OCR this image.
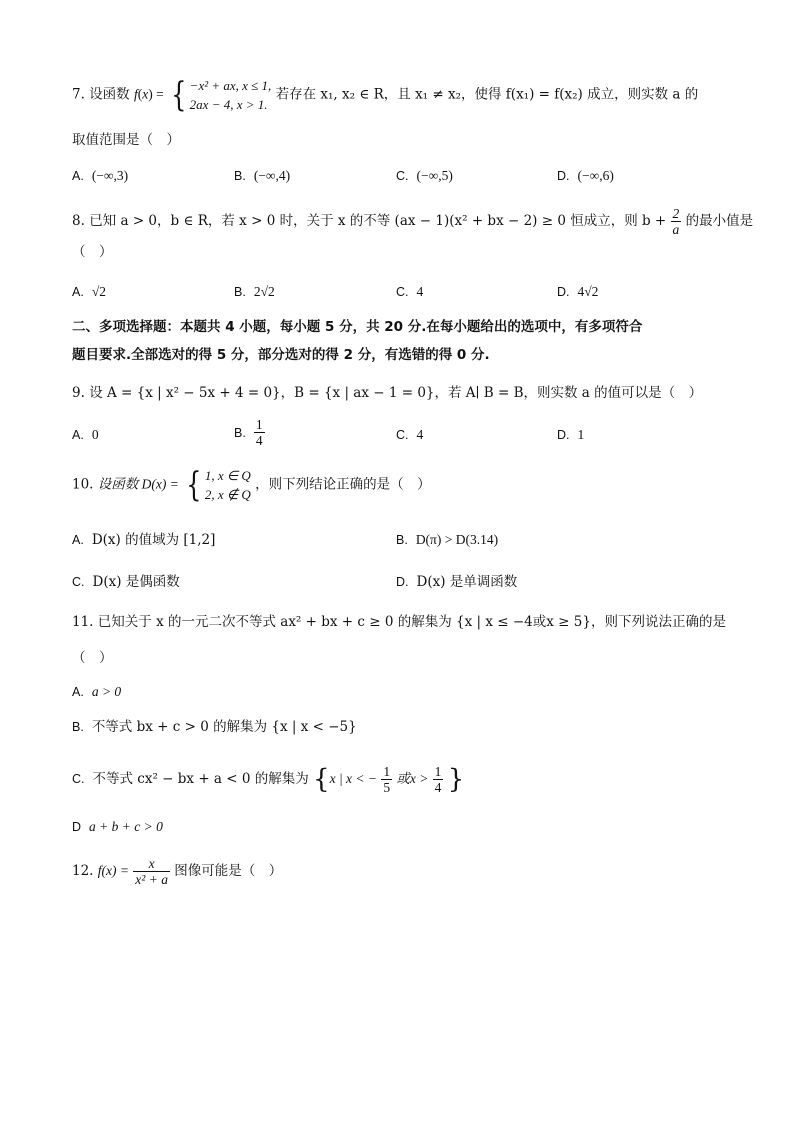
7. 设函数 f(x) = { −x² + ax, x ≤ 1,
2ax − 4, x > 1.
若存在 x₁, x₂ ∈ R，且 x₁ ≠ x₂，使得 f(x₁) = f(x₂) 成立，则实数 a 的
取值范围是（　）
A. (−∞,3)	B. (−∞,4)	C. (−∞,5)	D. (−∞,6)
8. 已知 a > 0，b ∈ R，若 x > 0 时，关于 x 的不等 (ax − 1)(x² + bx − 2) ≥ 0 恒成立，则 $b + \frac{2}{a}$ 的最小值是
（　）
A. √2	B. 2√2	C. 4	D. 4√2
二、多项选择题：本题共 4 小题，每小题 5 分，共 20 分.在每小题给出的选项中，有多项符合
题目要求.全部选对的得 5 分，部分选对的得 2 分，有选错的得 0 分.
9. 设 A = {x | x² − 5x + 4 = 0}，B = {x | ax − 1 = 0}，若 A∣ B = B，则实数 a 的值可以是（　）
A. 0	B. $\frac{1}{4}$	C. 4	D. 1
10. 设函数 D(x) = { 1, x ∈ Q
2, x ∉ Q
，则下列结论正确的是（　）
A. D(x) 的值域为 [1,2]	B. D(π) > D(3.14)
C. D(x) 是偶函数	D. D(x) 是单调函数
11. 已知关于 x 的一元二次不等式 ax² + bx + c ≥ 0 的解集为 {x | x ≤ −4或x ≥ 5}，则下列说法正确的是
（　）
A. a > 0
B. 不等式 bx + c > 0 的解集为 {x | x < −5}
C. 不等式 cx² − bx + a < 0 的解集为 {x | x < − $\frac{1}{5}$ 或$x > \frac{1}{4}$ }
D a + b + c > 0
12. $f(x) = \frac{x}{\text{x² + a}}$ 图像可能是（　）
